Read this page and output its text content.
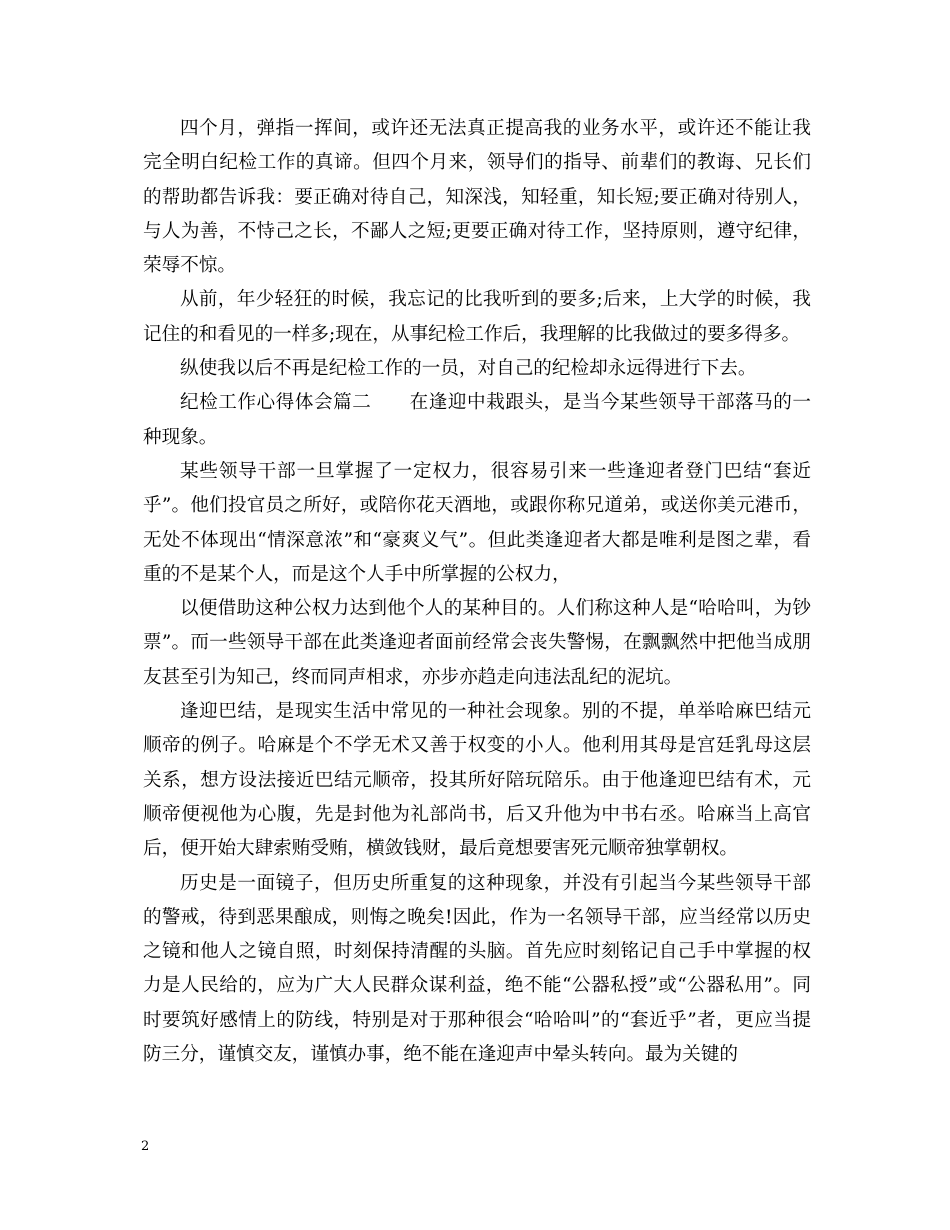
四个月，弹指一挥间，或许还无法真正提高我的业务水平，或许还不能让我完全明白纪检工作的真谛。但四个月来，领导们的指导、前辈们的教诲、兄长们的帮助都告诉我：要正确对待自己，知深浅，知轻重，知长短;要正确对待别人，与人为善，不恃己之长，不鄙人之短;更要正确对待工作，坚持原则，遵守纪律，荣辱不惊。

从前，年少轻狂的时候，我忘记的比我听到的要多;后来，上大学的时候，我记住的和看见的一样多;现在，从事纪检工作后，我理解的比我做过的要多得多。

纵使我以后不再是纪检工作的一员，对自己的纪检却永远得进行下去。

纪检工作心得体会篇二　　在逢迎中栽跟头，是当今某些领导干部落马的一种现象。

某些领导干部一旦掌握了一定权力，很容易引来一些逢迎者登门巴结“套近乎”。他们投官员之所好，或陪你花天酒地，或跟你称兄道弟，或送你美元港币，无处不体现出“情深意浓”和“豪爽义气”。但此类逢迎者大都是唯利是图之辈，看重的不是某个人，而是这个人手中所掌握的公权力，

以便借助这种公权力达到他个人的某种目的。人们称这种人是“哈哈叫，为钞票”。而一些领导干部在此类逢迎者面前经常会丧失警惕，在飘飘然中把他当成朋友甚至引为知己，终而同声相求，亦步亦趋走向违法乱纪的泥坑。

逢迎巴结，是现实生活中常见的一种社会现象。别的不提，单举哈麻巴结元顺帝的例子。哈麻是个不学无术又善于权变的小人。他利用其母是宫廷乳母这层关系，想方设法接近巴结元顺帝，投其所好陪玩陪乐。由于他逢迎巴结有术，元顺帝便视他为心腹，先是封他为礼部尚书，后又升他为中书右丞。哈麻当上高官后，便开始大肆索贿受贿，横敛钱财，最后竟想要害死元顺帝独掌朝权。

历史是一面镜子，但历史所重复的这种现象，并没有引起当今某些领导干部的警戒，待到恶果酿成，则悔之晚矣!因此，作为一名领导干部，应当经常以历史之镜和他人之镜自照，时刻保持清醒的头脑。首先应时刻铭记自己手中掌握的权力是人民给的，应为广大人民群众谋利益，绝不能“公器私授”或“公器私用”。同时要筑好感情上的防线，特别是对于那种很会“哈哈叫”的“套近乎”者，更应当提防三分，谨慎交友，谨慎办事，绝不能在逢迎声中晕头转向。最为关键的

2
